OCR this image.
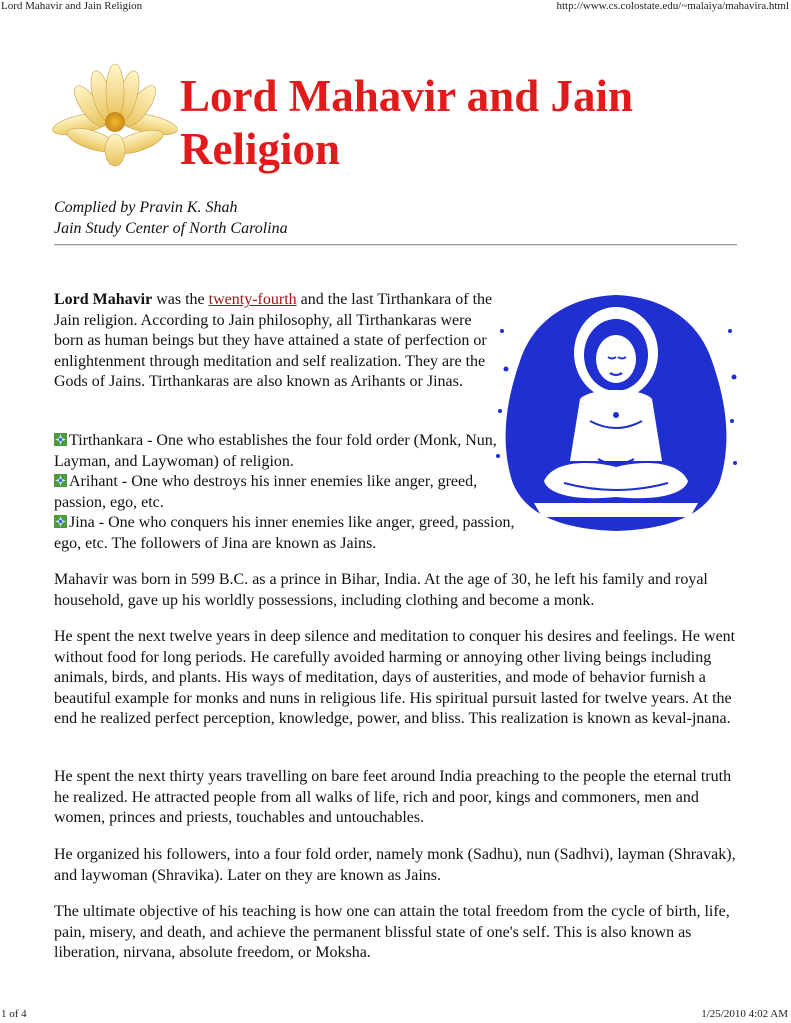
Lord Mahavir and Jain Religion	http://www.cs.colostate.edu/~malaiya/mahavira.html
Lord Mahavir and Jain Religion
Complied by Pravin K. Shah
Jain Study Center of North Carolina
Lord Mahavir was the twenty-fourth and the last Tirthankara of the Jain religion. According to Jain philosophy, all Tirthankaras were born as human beings but they have attained a state of perfection or enlightenment through meditation and self realization. They are the Gods of Jains. Tirthankaras are also known as Arihants or Jinas.
Tirthankara - One who establishes the four fold order (Monk, Nun, Layman, and Laywoman) of religion.
Arihant - One who destroys his inner enemies like anger, greed, passion, ego, etc.
Jina - One who conquers his inner enemies like anger, greed, passion, ego, etc. The followers of Jina are known as Jains.

Mahavir was born in 599 B.C. as a prince in Bihar, India. At the age of 30, he left his family and royal household, gave up his worldly possessions, including clothing and become a monk.

He spent the next twelve years in deep silence and meditation to conquer his desires and feelings. He went without food for long periods. He carefully avoided harming or annoying other living beings including animals, birds, and plants. His ways of meditation, days of austerities, and mode of behavior furnish a beautiful example for monks and nuns in religious life. His spiritual pursuit lasted for twelve years. At the end he realized perfect perception, knowledge, power, and bliss. This realization is known as keval-jnana.

He spent the next thirty years travelling on bare feet around India preaching to the people the eternal truth he realized. He attracted people from all walks of life, rich and poor, kings and commoners, men and women, princes and priests, touchables and untouchables.

He organized his followers, into a four fold order, namely monk (Sadhu), nun (Sadhvi), layman (Shravak), and laywoman (Shravika). Later on they are known as Jains.

The ultimate objective of his teaching is how one can attain the total freedom from the cycle of birth, life, pain, misery, and death, and achieve the permanent blissful state of one's self. This is also known as liberation, nirvana, absolute freedom, or Moksha.

1 of 4	1/25/2010 4:02 AM
